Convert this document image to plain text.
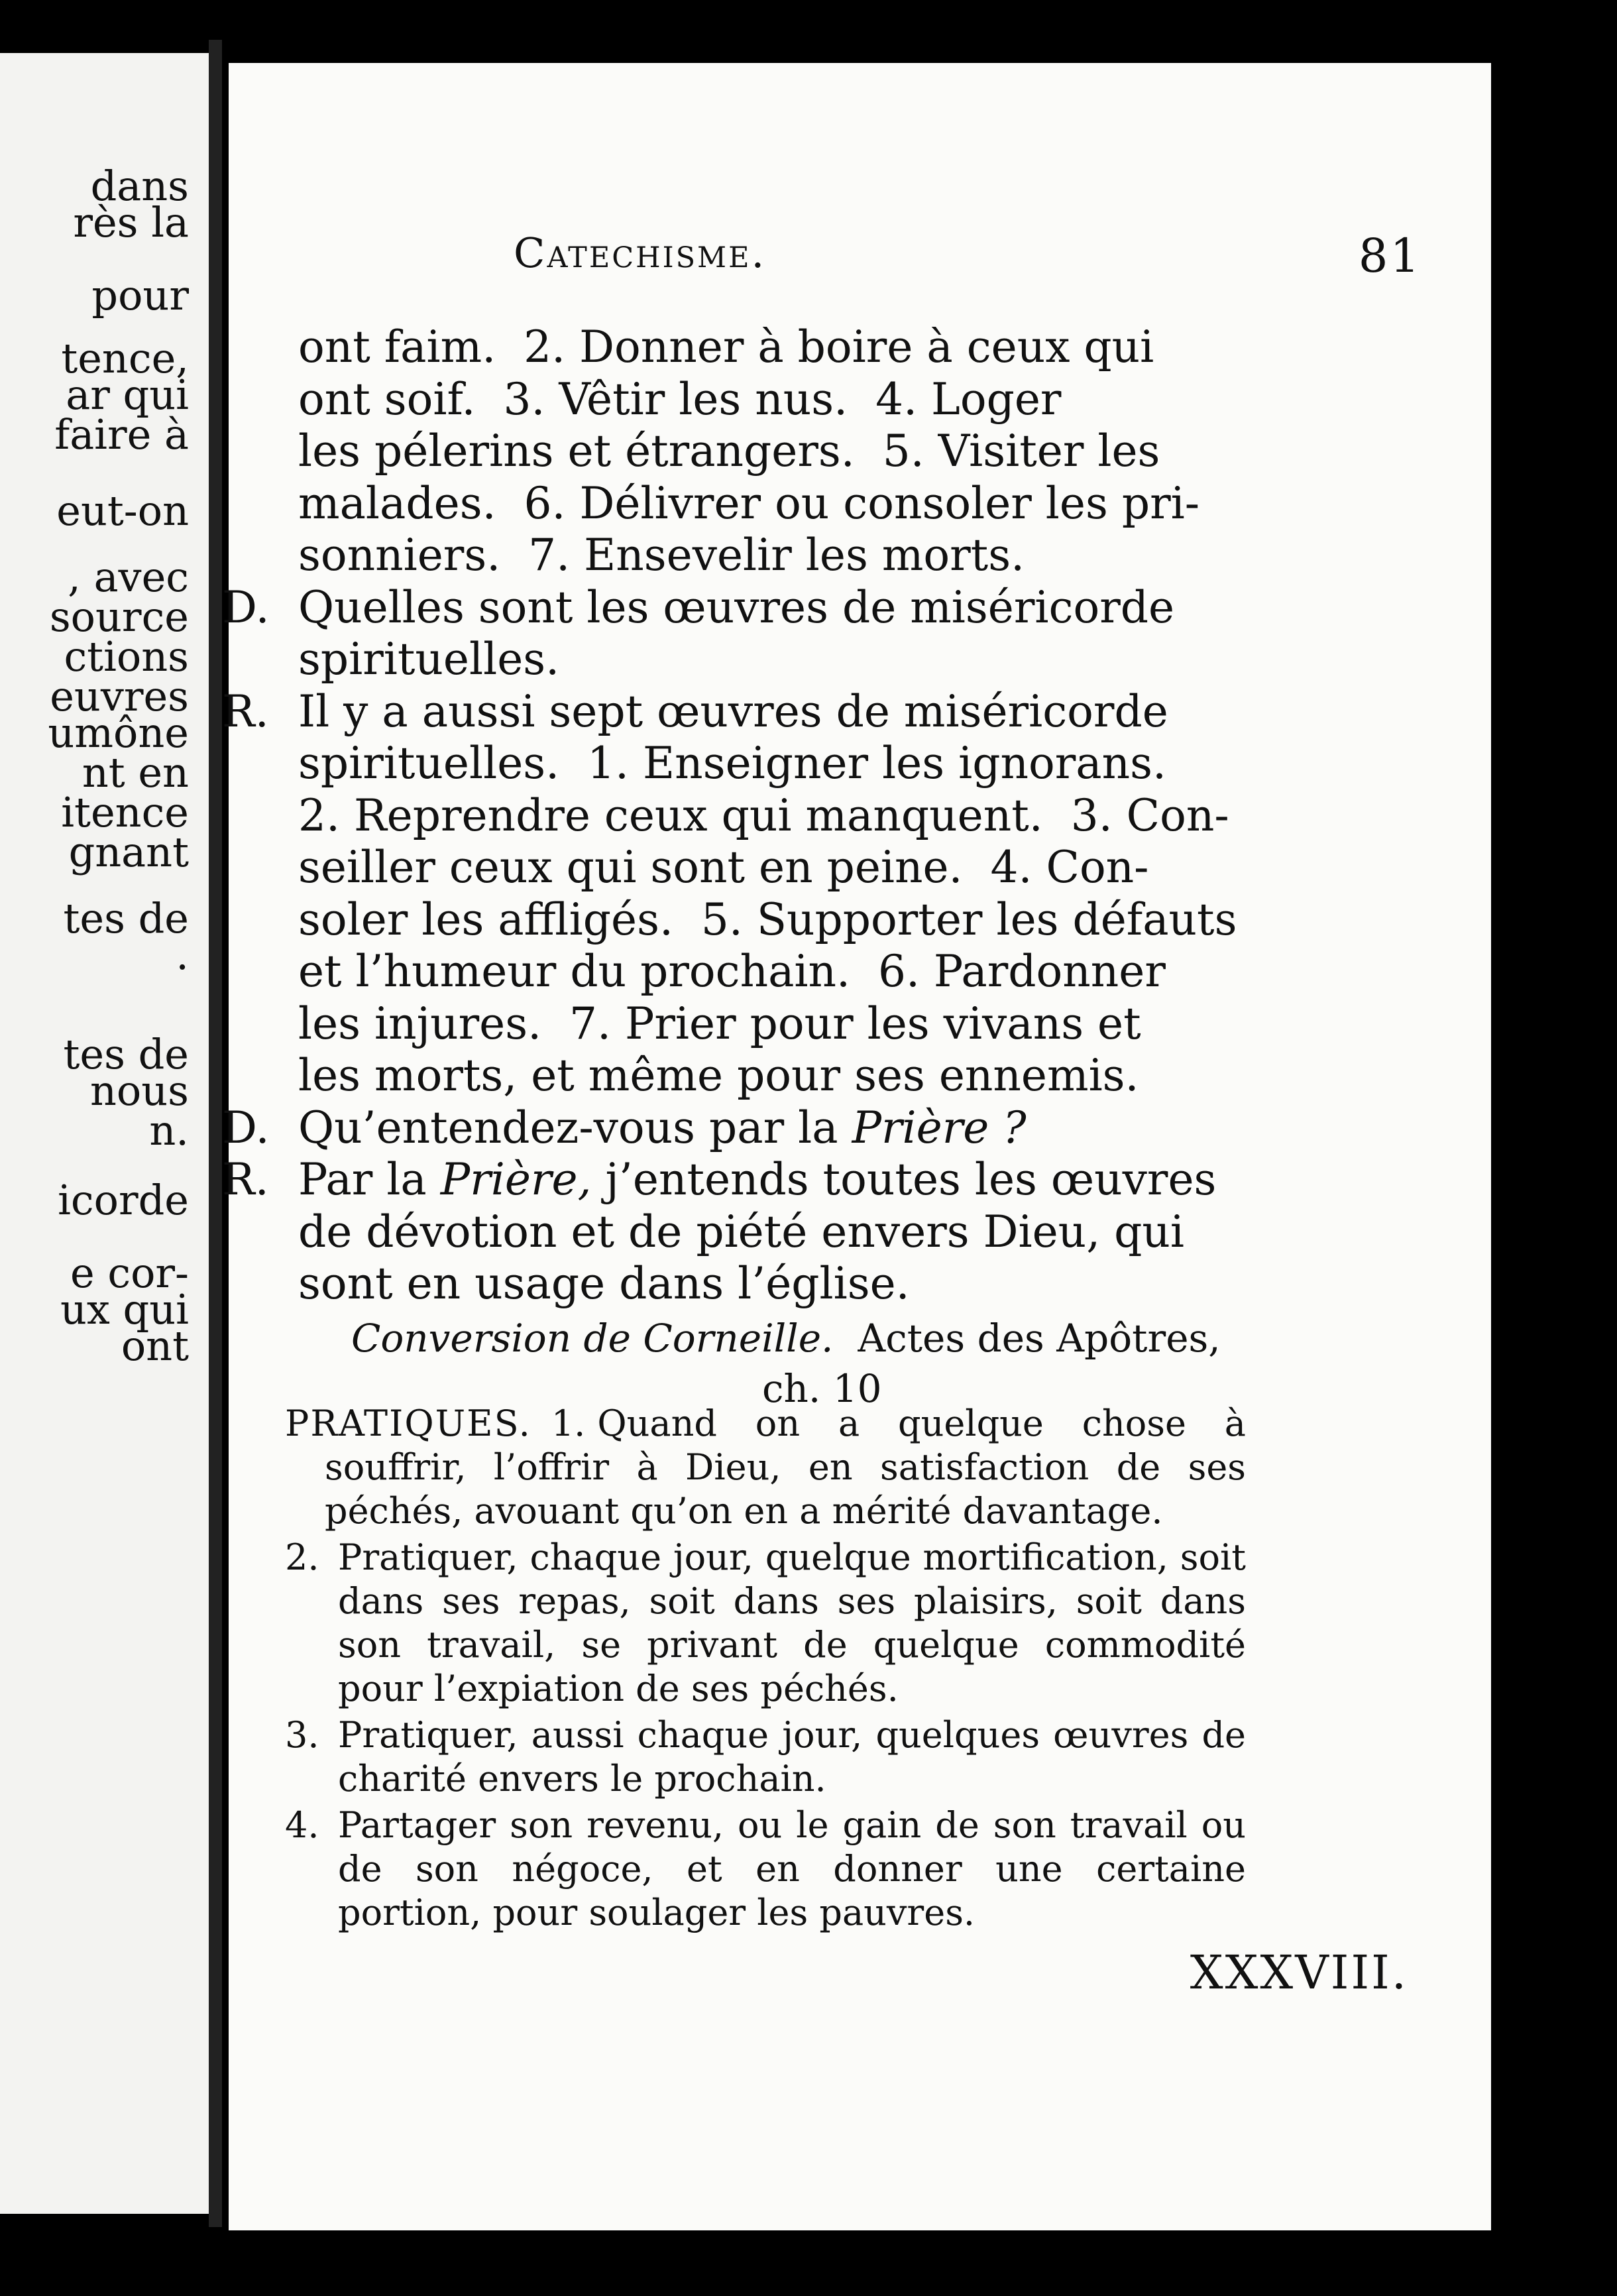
dans
rès la
pour
tence,
ar qui
faire à
eut-on
, avec
source
ctions
euvres
umône
nt en
itence
gnant
tes de
.
tes de
nous
n.
icorde
e cor-
ux qui
ont
Catechisme.	81
ont faim.  2. Donner à boire à ceux qui
ont soif.  3. Vêtir les nus.  4. Loger
les pélerins et étrangers.  5. Visiter les
malades.  6. Délivrer ou consoler les pri-
sonniers.  7. Ensevelir les morts.
D. Quelles sont les œuvres de miséricorde
spirituelles.
R. Il y a aussi sept œuvres de miséricorde
spirituelles.  1. Enseigner les ignorans.
2. Reprendre ceux qui manquent.  3. Con-
seiller ceux qui sont en peine.  4. Con-
soler les affligés.  5. Supporter les défauts
et l’humeur du prochain.  6. Pardonner
les injures.  7. Prier pour les vivans et
les morts, et même pour ses ennemis.
D. Qu’entendez-vous par la Prière ?
R. Par la Prière, j’entends toutes les œuvres
de dévotion et de piété envers Dieu, qui
sont en usage dans l’église.
Conversion de Corneille.  Actes des Apôtres,
ch. 10
PRATIQUES. 1. Quand on a quelque chose à souffrir, l’offrir à Dieu, en satisfaction de ses péchés, avouant qu’on en a mérité davantage.
2. Pratiquer, chaque jour, quelque mortification, soit dans ses repas, soit dans ses plaisirs, soit dans son travail, se privant de quelque commodité pour l’expiation de ses péchés.
3. Pratiquer, aussi chaque jour, quelques œuvres de charité envers le prochain.
4. Partager son revenu, ou le gain de son travail ou de son négoce, et en donner une certaine portion, pour soulager les pauvres.
XXXVIII.
